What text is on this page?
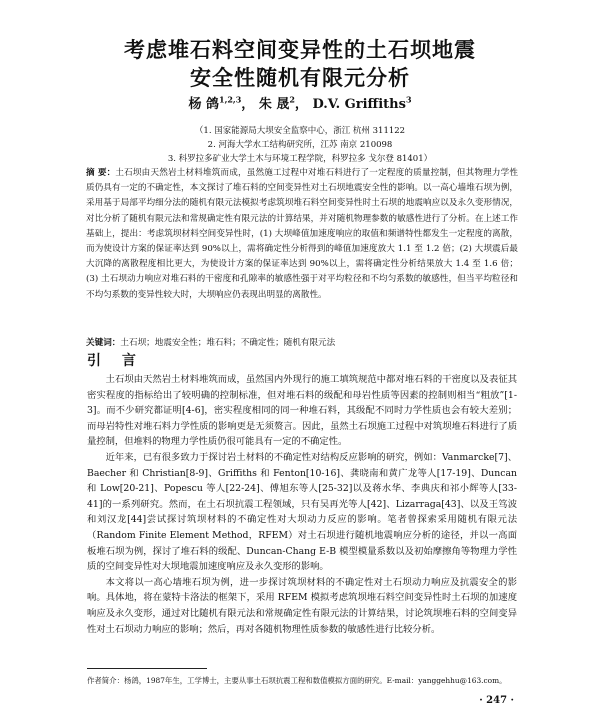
考虑堆石料空间变异性的土石坝地震
安全性随机有限元分析
杨 鸽$^{1,2,3}$， 朱 晟$^2$， D.V. Griffiths$^3$
（1. 国家能源局大坝安全监察中心，浙江 杭州 311122
2. 河海大学水工结构研究所，江苏 南京 210098
3. 科罗拉多矿业大学土木与环境工程学院，科罗拉多 戈尔登 81401）
摘 要：土石坝由天然岩土材料堆筑而成，虽然施工过程中对堆石料进行了一定程度的质量控制，但其物理力学性质仍具有一定的不确定性，本文探讨了堆石料的空间变异性对土石坝地震安全性的影响。以一高心墙堆石坝为例，采用基于局部平均细分法的随机有限元法模拟考虑筑坝堆石料空间变异性时土石坝的地震响应以及永久变形情况，对比分析了随机有限元法和常规确定性有限元法的计算结果，并对随机物理参数的敏感性进行了分析。在上述工作基础上，提出：考虑筑坝材料空间变异性时，(1) 大坝峰值加速度响应的取值和频谱特性都发生一定程度的离散，而为使设计方案的保证率达到 90%以上，需将确定性分析得到的峰值加速度放大 1.1 至 1.2 倍；(2) 大坝震后最大沉降的离散程度相比更大，为使设计方案的保证率达到 90%以上，需将确定性分析结果放大 1.4 至 1.6 倍；(3) 土石坝动力响应对堆石料的干密度和孔隙率的敏感性强于对平均粒径和不均匀系数的敏感性，但当平均粒径和不均匀系数的变异性较大时，大坝响应仍表现出明显的离散性。
关键词：土石坝；地震安全性；堆石料；不确定性；随机有限元法
引 言

土石坝由天然岩土材料堆筑而成，虽然国内外现行的施工填筑规范中都对堆石料的干密度以及表征其密实程度的指标给出了较明确的控制标准，但对堆石料的级配和母岩性质等因素的控制则相当“粗放”[1-3]。而不少研究都证明[4-6]，密实程度相同的同一种堆石料，其级配不同时力学性质也会有较大差别；而母岩特性对堆石料力学性质的影响更是无须赘言。因此，虽然土石坝施工过程中对筑坝堆石料进行了质量控制，但堆料的物理力学性质仍很可能具有一定的不确定性。

近年来，已有很多致力于探讨岩土材料的不确定性对结构反应影响的研究，例如：Vanmarcke[7]、Baecher 和 Christian[8-9]、Griffiths 和 Fenton[10-16]、龚晓南和黄广龙等人[17-19]、Duncan 和 Low[20-21]、Popescu 等人[22-24]、傅旭东等人[25-32]以及蒋水华、李典庆和祁小辉等人[33-41]的一系列研究。然而，在土石坝抗震工程领域，只有吴再光等人[42]、Lizarraga[43]、以及王笃波和刘汉龙[44]尝试探讨筑坝材料的不确定性对大坝动力反应的影响。笔者曾探索采用随机有限元法（Random Finite Element Method，RFEM）对土石坝进行随机地震响应分析的途径，并以一高面板堆石坝为例，探讨了堆石料的级配、Duncan-Chang E-B 模型模量系数以及初始摩擦角等物理力学性质的空间变异性对大坝地震加速度响应及永久变形的影响。

本文将以一高心墙堆石坝为例，进一步探讨筑坝材料的不确定性对土石坝动力响应及抗震安全的影响。具体地，将在蒙特卡洛法的框架下，采用 RFEM 模拟考虑筑坝堆石料空间变异性时土石坝的加速度响应及永久变形，通过对比随机有限元法和常规确定性有限元法的计算结果，讨论筑坝堆石料的空间变异性对土石坝动力响应的影响；然后，再对各随机物理性质参数的敏感性进行比较分析。

作者简介：杨鸽，1987年生，工学博士，主要从事土石坝抗震工程和数值模拟方面的研究。E-mail：yanggehhu@163.com。
· 247 ·
